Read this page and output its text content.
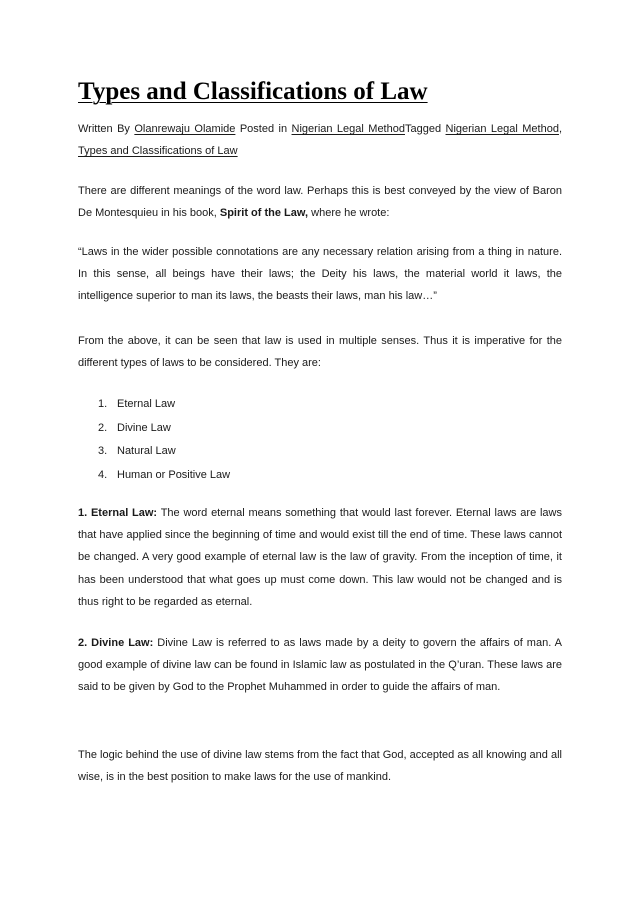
Types and Classifications of Law

Written By Olanrewaju Olamide Posted in Nigerian Legal MethodTagged Nigerian Legal Method, Types and Classifications of Law

There are different meanings of the word law. Perhaps this is best conveyed by the view of Baron De Montesquieu in his book, Spirit of the Law, where he wrote:

“Laws in the wider possible connotations are any necessary relation arising from a thing in nature. In this sense, all beings have their laws; the Deity his laws, the material world it laws, the intelligence superior to man its laws, the beasts their laws, man his law…”

From the above, it can be seen that law is used in multiple senses. Thus it is imperative for the different types of laws to be considered. They are:

1. Eternal Law
2. Divine Law
3. Natural Law
4. Human or Positive Law

1. Eternal Law: The word eternal means something that would last forever. Eternal laws are laws that have applied since the beginning of time and would exist till the end of time. These laws cannot be changed. A very good example of eternal law is the law of gravity. From the inception of time, it has been understood that what goes up must come down. This law would not be changed and is thus right to be regarded as eternal.

2. Divine Law: Divine Law is referred to as laws made by a deity to govern the affairs of man. A good example of divine law can be found in Islamic law as postulated in the Q’uran. These laws are said to be given by God to the Prophet Muhammed in order to guide the affairs of man.

The logic behind the use of divine law stems from the fact that God, accepted as all knowing and all wise, is in the best position to make laws for the use of mankind.
